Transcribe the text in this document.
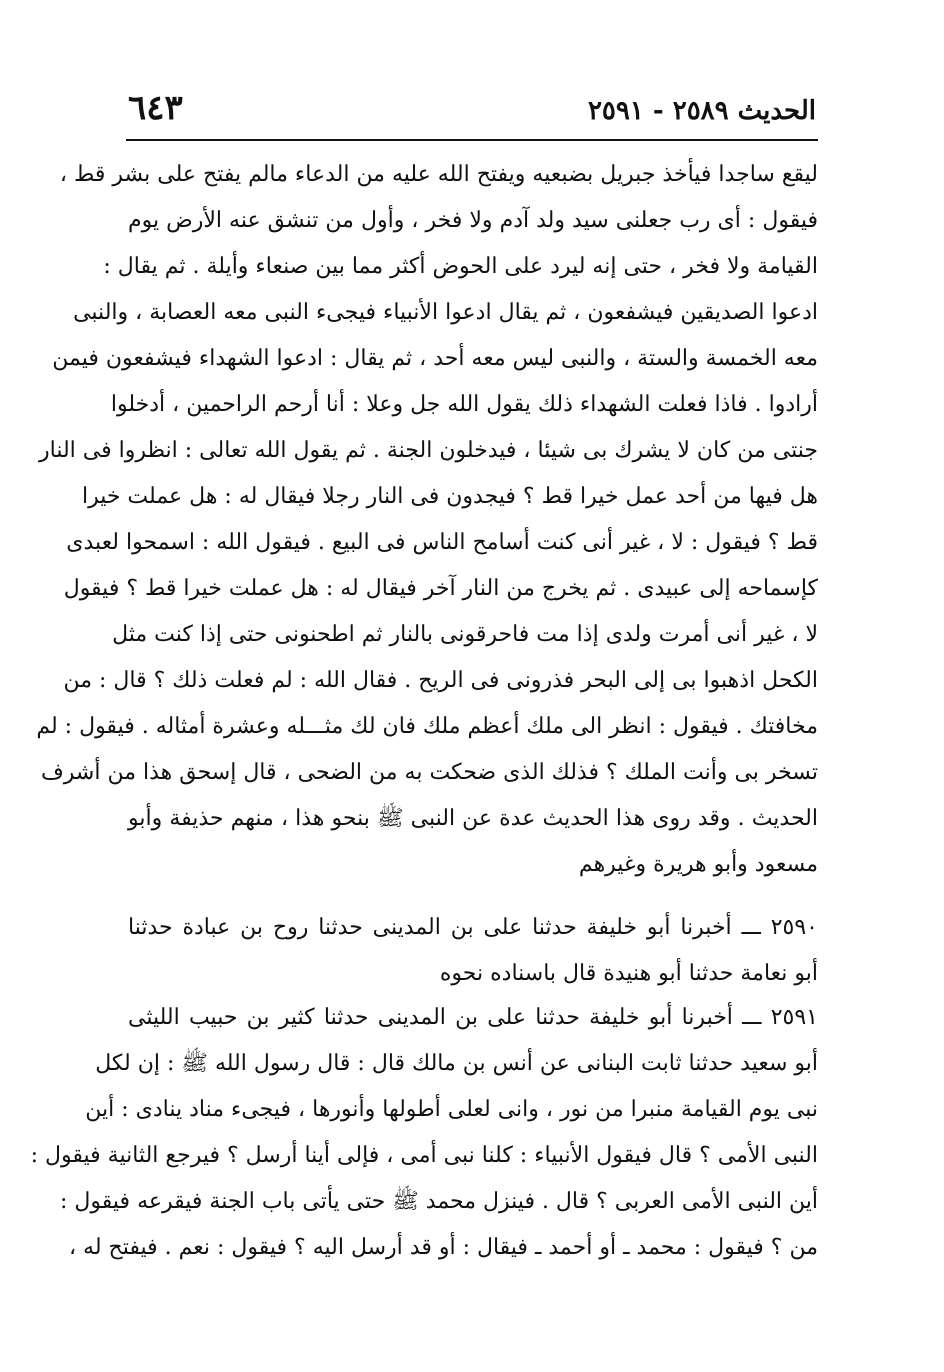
٦٤٣	الحديث ٢٥٨٩ - ٢٥٩١
ليقع ساجدا فيأخذ جبريل بضبعيه ويفتح الله عليه من الدعاء مالم يفتح على بشر قط ،
فيقول : أى رب جعلنى سيد ولد آدم ولا فخر ، وأول من تنشق عنه الأرض يوم
القيامة ولا فخر ، حتى إنه ليرد على الحوض أكثر مما بين صنعاء وأيلة . ثم يقال :
ادعوا الصديقين فيشفعون ، ثم يقال ادعوا الأنبياء فيجىء النبى معه العصابة ، والنبى
معه الخمسة والستة ، والنبى ليس معه أحد ، ثم يقال : ادعوا الشهداء فيشفعون فيمن
أرادوا . فاذا فعلت الشهداء ذلك يقول الله جل وعلا : أنا أرحم الراحمين ، أدخلوا
جنتى من كان لا يشرك بى شيئا ، فيدخلون الجنة . ثم يقول الله تعالى : انظروا فى النار
هل فيها من أحد عمل خيرا قط ؟ فيجدون فى النار رجلا فيقال له : هل عملت خيرا
قط ؟ فيقول : لا ، غير أنى كنت أسامح الناس فى البيع . فيقول الله : اسمحوا لعبدى
كإسماحه إلى عبيدى . ثم يخرج من النار آخر فيقال له : هل عملت خيرا قط ؟ فيقول
لا ، غير أنى أمرت ولدى إذا مت فاحرقونى بالنار ثم اطحنونى حتى إذا كنت مثل
الكحل اذهبوا بى إلى البحر فذرونى فى الريح . فقال الله : لم فعلت ذلك ؟ قال : من
مخافتك . فيقول : انظر الى ملك أعظم ملك فان لك مثـــله وعشرة أمثاله . فيقول : لم
تسخر بى وأنت الملك ؟ فذلك الذى ضحكت به من الضحى ، قال إسحق هذا من أشرف
الحديث . وقد روى هذا الحديث عدة عن النبى ﷺ بنحو هذا ، منهم حذيفة وأبو
مسعود وأبو هريرة وغيرهم
٢٥٩٠ ـــ أخبرنا أبو خليفة حدثنا على بن المدينى حدثنا روح بن عبادة حدثنا
أبو نعامة حدثنا أبو هنيدة قال باسناده نحوه
٢٥٩١ ـــ أخبرنا أبو خليفة حدثنا على بن المدينى حدثنا كثير بن حبيب الليثى
أبو سعيد حدثنا ثابت البنانى عن أنس بن مالك قال : قال رسول الله ﷺ : إن لكل
نبى يوم القيامة منبرا من نور ، وانى لعلى أطولها وأنورها ، فيجىء مناد ينادى : أين
النبى الأمى ؟ قال فيقول الأنبياء : كلنا نبى أمى ، فإلى أينا أرسل ؟ فيرجع الثانية فيقول :
أين النبى الأمى العربى ؟ قال . فينزل محمد ﷺ حتى يأتى باب الجنة فيقرعه فيقول :
من ؟ فيقول : محمد ـ أو أحمد ـ فيقال : أو قد أرسل اليه ؟ فيقول : نعم . فيفتح له ،
